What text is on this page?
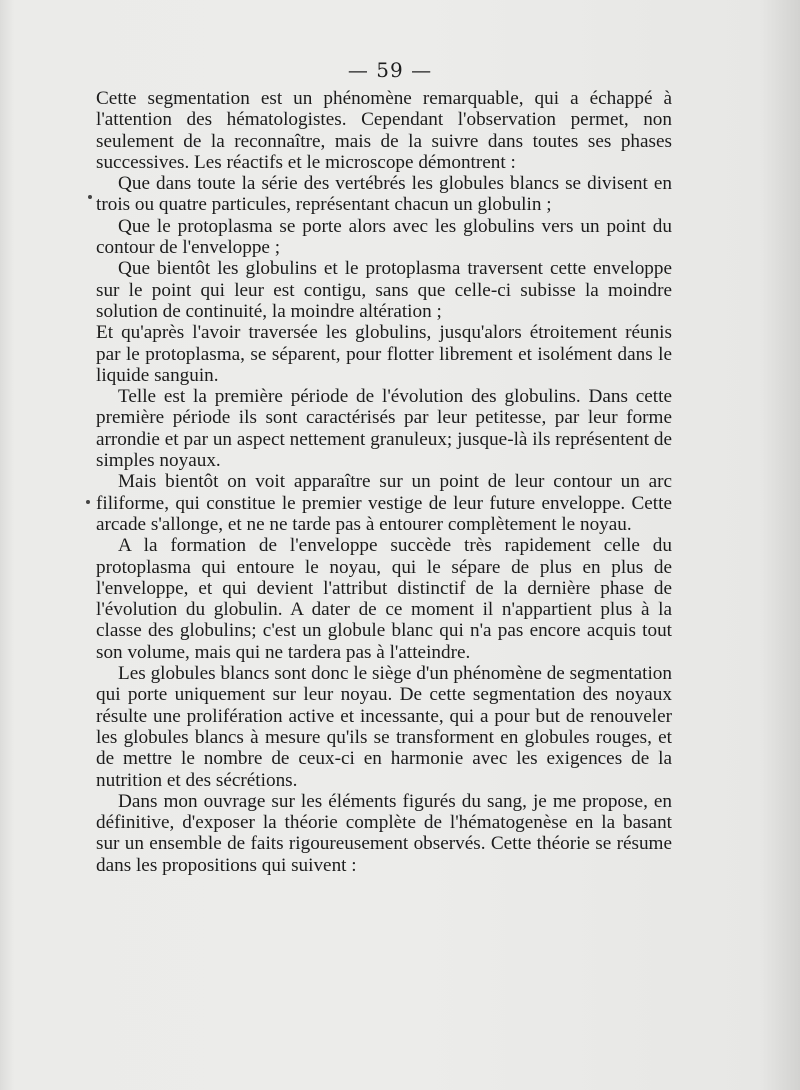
— 59 —

Cette segmentation est un phénomène remarquable, qui a échappé à l'attention des hématologistes. Cependant l'observation permet, non seulement de la reconnaître, mais de la suivre dans toutes ses phases successives. Les réactifs et le microscope démontrent :

Que dans toute la série des vertébrés les globules blancs se divisent en trois ou quatre particules, représentant chacun un globulin ;

Que le protoplasma se porte alors avec les globulins vers un point du contour de l'enveloppe ;

Que bientôt les globulins et le protoplasma traversent cette enveloppe sur le point qui leur est contigu, sans que celle-ci subisse la moindre solution de continuité, la moindre altération ;

Et qu'après l'avoir traversée les globulins, jusqu'alors étroitement réunis par le protoplasma, se séparent, pour flotter librement et isolément dans le liquide sanguin.

Telle est la première période de l'évolution des globulins. Dans cette première période ils sont caractérisés par leur petitesse, par leur forme arrondie et par un aspect nettement granuleux; jusque-là ils représentent de simples noyaux.

Mais bientôt on voit apparaître sur un point de leur contour un arc filiforme, qui constitue le premier vestige de leur future enveloppe. Cette arcade s'allonge, et ne ne tarde pas à entourer complètement le noyau.

A la formation de l'enveloppe succède très rapidement celle du protoplasma qui entoure le noyau, qui le sépare de plus en plus de l'enveloppe, et qui devient l'attribut distinctif de la dernière phase de l'évolution du globulin. A dater de ce moment il n'appartient plus à la classe des globulins; c'est un globule blanc qui n'a pas encore acquis tout son volume, mais qui ne tardera pas à l'atteindre.

Les globules blancs sont donc le siège d'un phénomène de segmentation qui porte uniquement sur leur noyau. De cette segmentation des noyaux résulte une prolifération active et incessante, qui a pour but de renouveler les globules blancs à mesure qu'ils se transforment en globules rouges, et de mettre le nombre de ceux-ci en harmonie avec les exigences de la nutrition et des sécrétions.

Dans mon ouvrage sur les éléments figurés du sang, je me propose, en définitive, d'exposer la théorie complète de l'hématogenèse en la basant sur un ensemble de faits rigoureusement observés. Cette théorie se résume dans les propositions qui suivent :
